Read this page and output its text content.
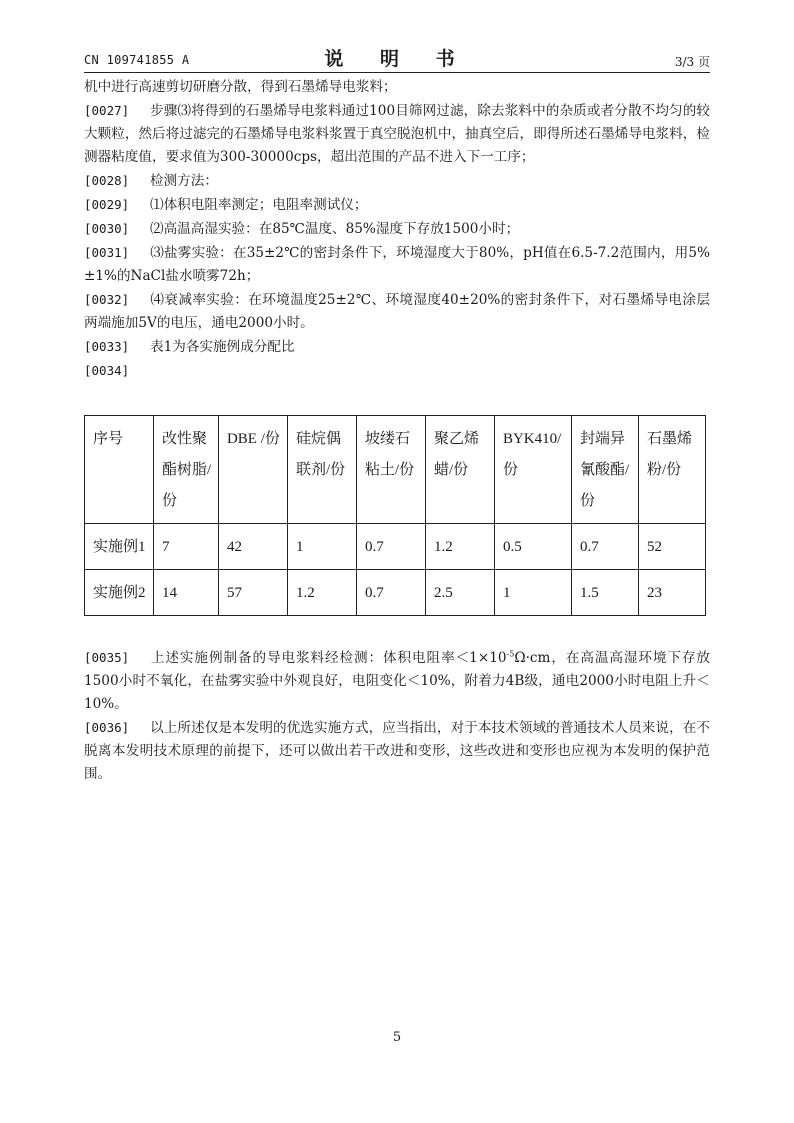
CN 109741855 A	说 明 书	3/3 页

机中进行高速剪切研磨分散，得到石墨烯导电浆料；

[0027] 步骤⑶将得到的石墨烯导电浆料通过100目筛网过滤，除去浆料中的杂质或者分散不均匀的较大颗粒，然后将过滤完的石墨烯导电浆料浆置于真空脱泡机中，抽真空后，即得所述石墨烯导电浆料，检测器粘度值，要求值为300-30000cps，超出范围的产品不进入下一工序；

[0028] 检测方法：

[0029] ⑴体积电阻率测定；电阻率测试仪；

[0030] ⑵高温高湿实验：在85℃温度、85%湿度下存放1500小时；

[0031] ⑶盐雾实验：在35±2℃的密封条件下，环境湿度大于80%，pH值在6.5-7.2范围内，用5%±1%的NaCl盐水喷雾72h；

[0032] ⑷衰减率实验：在环境温度25±2℃、环境湿度40±20%的密封条件下，对石墨烯导电涂层两端施加5V的电压，通电2000小时。

[0033] 表1为各实施例成分配比

[0034]

序号	改性聚酯树脂/份	DBE /份	硅烷偶联剂/份	坡缕石粘土/份	聚乙烯蜡/份	BYK410/份	封端异氰酸酯/份	石墨烯粉/份
实施例1	7	42	1	0.7	1.2	0.5	0.7	52
实施例2	14	57	1.2	0.7	2.5	1	1.5	23

[0035] 上述实施例制备的导电浆料经检测：体积电阻率$<1\times 10^{-5}\Omega\cdot cm$，在高温高湿环境下存放1500小时不氧化，在盐雾实验中外观良好，电阻变化＜10%，附着力4B级，通电2000小时电阻上升＜10%。

[0036] 以上所述仅是本发明的优选实施方式，应当指出，对于本技术领域的普通技术人员来说，在不脱离本发明技术原理的前提下，还可以做出若干改进和变形，这些改进和变形也应视为本发明的保护范围。

5
